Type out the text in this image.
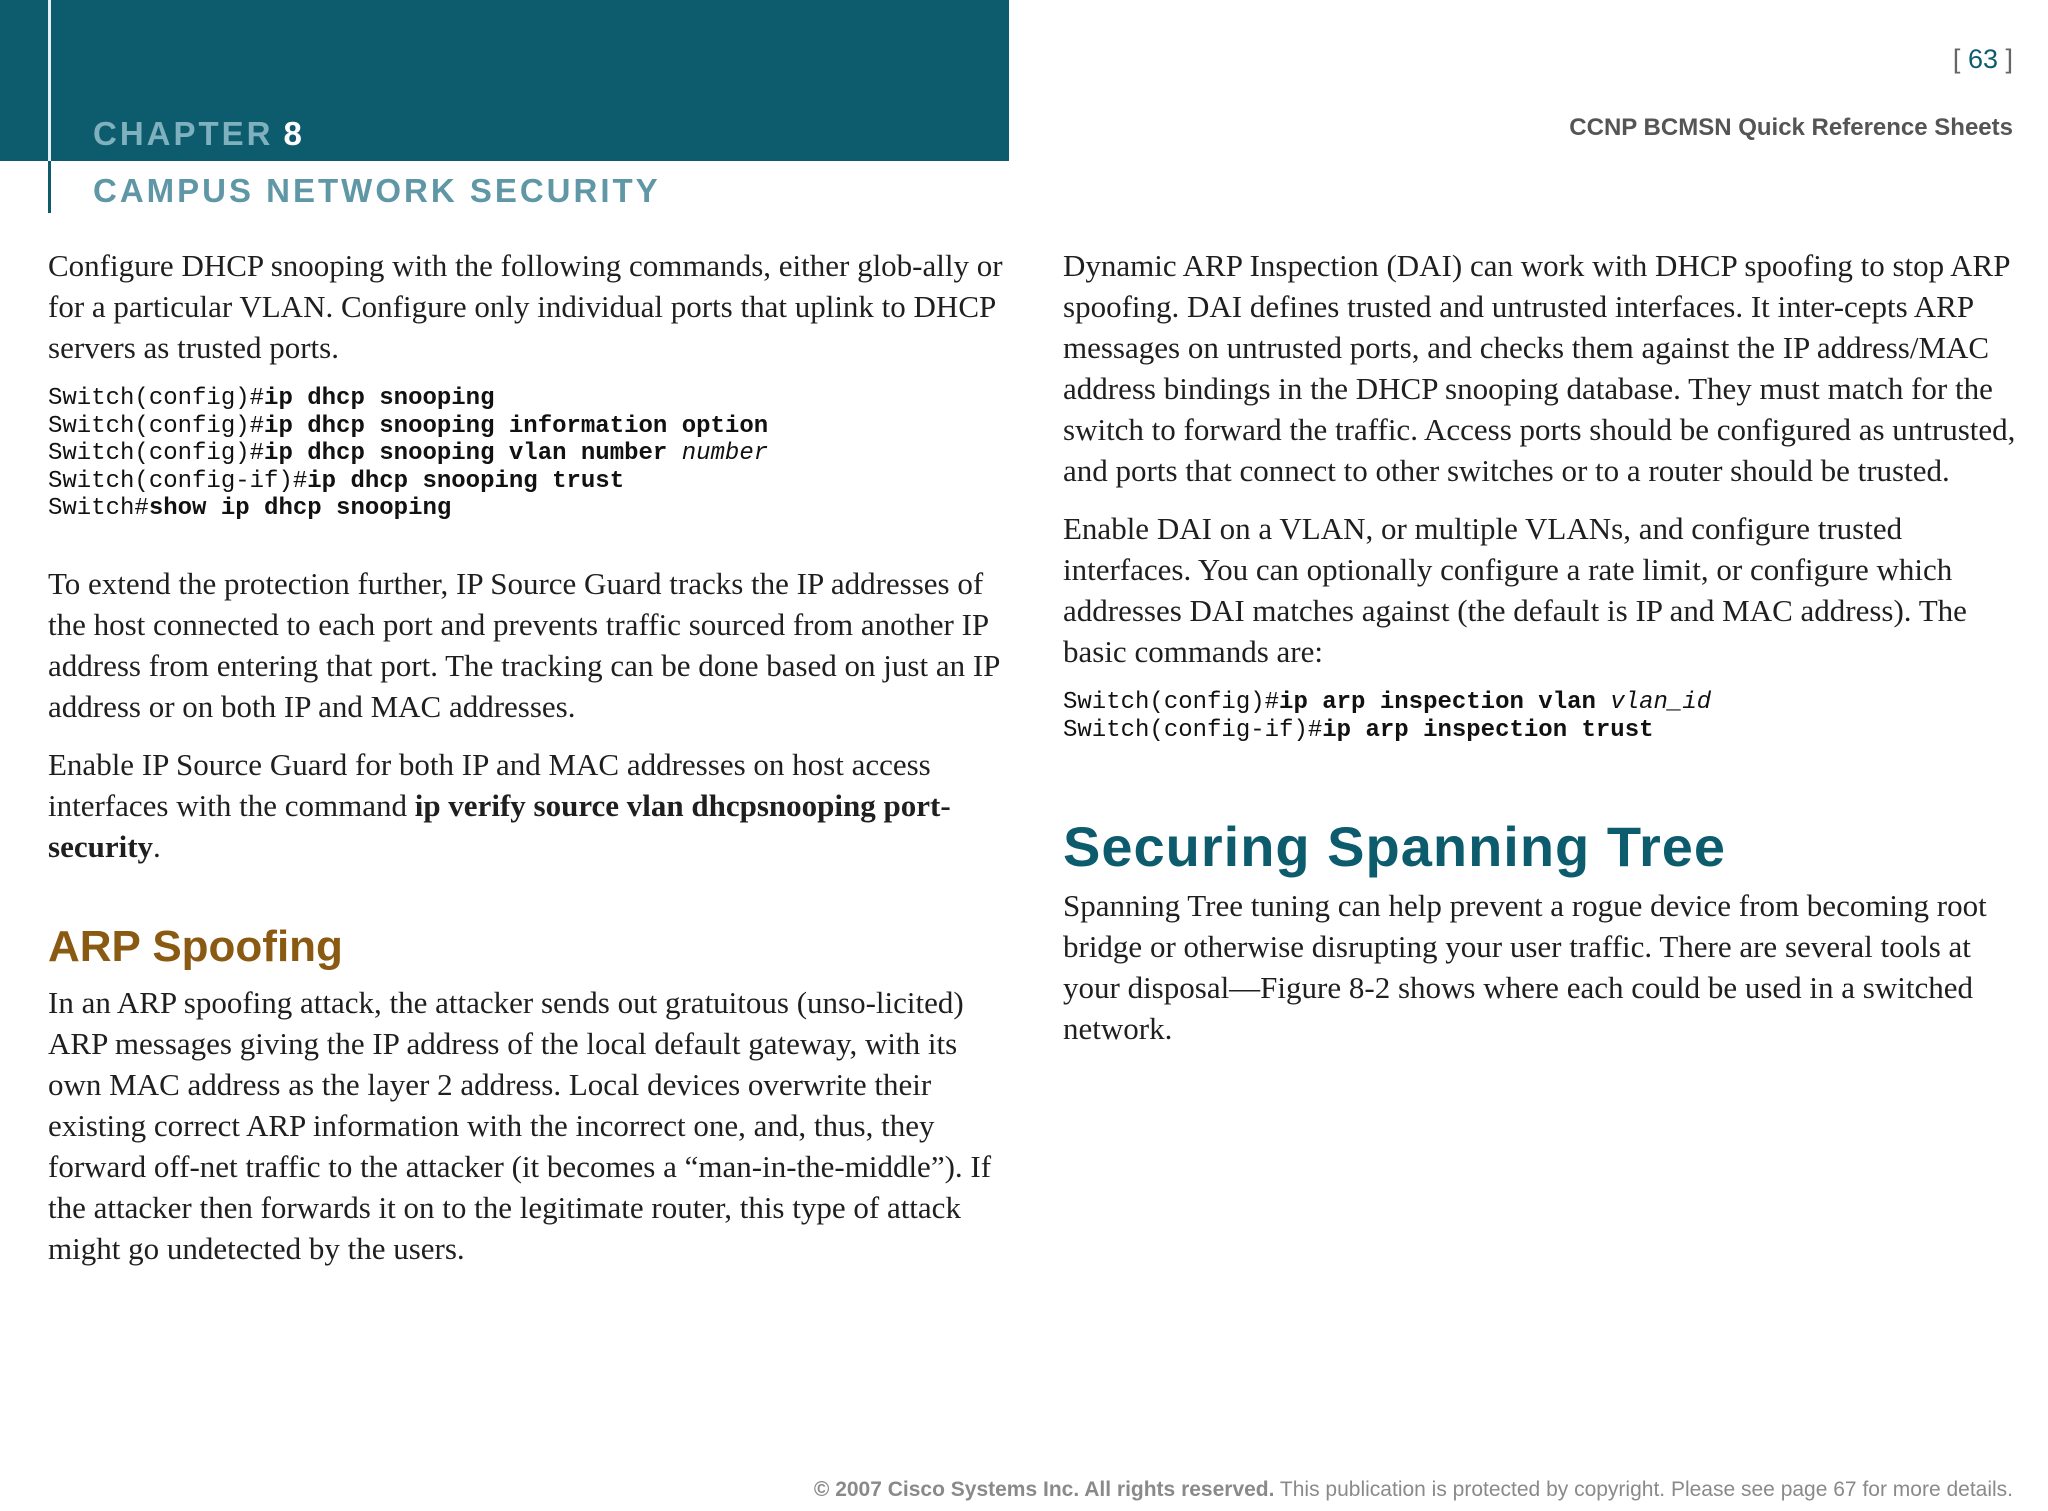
CHAPTER 8
CAMPUS NETWORK SECURITY
[ 63 ]
CCNP BCMSN Quick Reference Sheets

Configure DHCP snooping with the following commands, either glob-ally or for a particular VLAN. Configure only individual ports that uplink to DHCP servers as trusted ports.

Switch(config)#ip dhcp snooping
Switch(config)#ip dhcp snooping information option
Switch(config)#ip dhcp snooping vlan number number
Switch(config-if)#ip dhcp snooping trust
Switch#show ip dhcp snooping

To extend the protection further, IP Source Guard tracks the IP addresses of the host connected to each port and prevents traffic sourced from another IP address from entering that port. The tracking can be done based on just an IP address or on both IP and MAC addresses.

Enable IP Source Guard for both IP and MAC addresses on host access interfaces with the command ip verify source vlan dhcpsnooping port-security.

ARP Spoofing

In an ARP spoofing attack, the attacker sends out gratuitous (unso-licited) ARP messages giving the IP address of the local default gateway, with its own MAC address as the layer 2 address. Local devices overwrite their existing correct ARP information with the incorrect one, and, thus, they forward off-net traffic to the attacker (it becomes a “man-in-the-middle”). If the attacker then forwards it on to the legitimate router, this type of attack might go undetected by the users.

Dynamic ARP Inspection (DAI) can work with DHCP spoofing to stop ARP spoofing. DAI defines trusted and untrusted interfaces. It inter-cepts ARP messages on untrusted ports, and checks them against the IP address/MAC address bindings in the DHCP snooping database. They must match for the switch to forward the traffic. Access ports should be configured as untrusted, and ports that connect to other switches or to a router should be trusted.

Enable DAI on a VLAN, or multiple VLANs, and configure trusted interfaces. You can optionally configure a rate limit, or configure which addresses DAI matches against (the default is IP and MAC address). The basic commands are:

Switch(config)#ip arp inspection vlan vlan_id
Switch(config-if)#ip arp inspection trust
Securing Spanning Tree

Spanning Tree tuning can help prevent a rogue device from becoming root bridge or otherwise disrupting your user traffic. There are several tools at your disposal—Figure 8-2 shows where each could be used in a switched network.

© 2007 Cisco Systems Inc. All rights reserved. This publication is protected by copyright. Please see page 67 for more details.
